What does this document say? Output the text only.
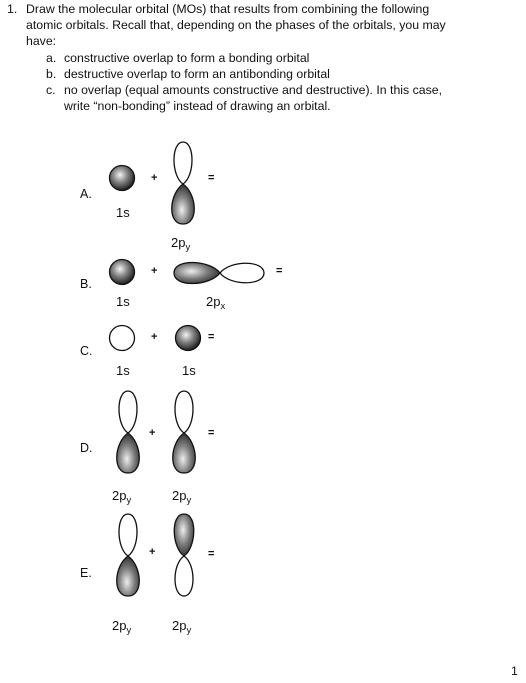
1. Draw the molecular orbital (MOs) that results from combining the following
atomic orbitals. Recall that, depending on the phases of the orbitals, you may
have:
a. constructive overlap to form a bonding orbital
b. destructive overlap to form an antibonding orbital
c. no overlap (equal amounts constructive and destructive). In this case,
write “non-bonding” instead of drawing an orbital.
A.
1s
+	=
$2p_y$
B.
1s
+	=
$2p_x$
C.
1s
+	=
1s
D.
$2p_y$
+	=
$2p_y$
E.
$2p_y$
+	=
$2p_y$
1
